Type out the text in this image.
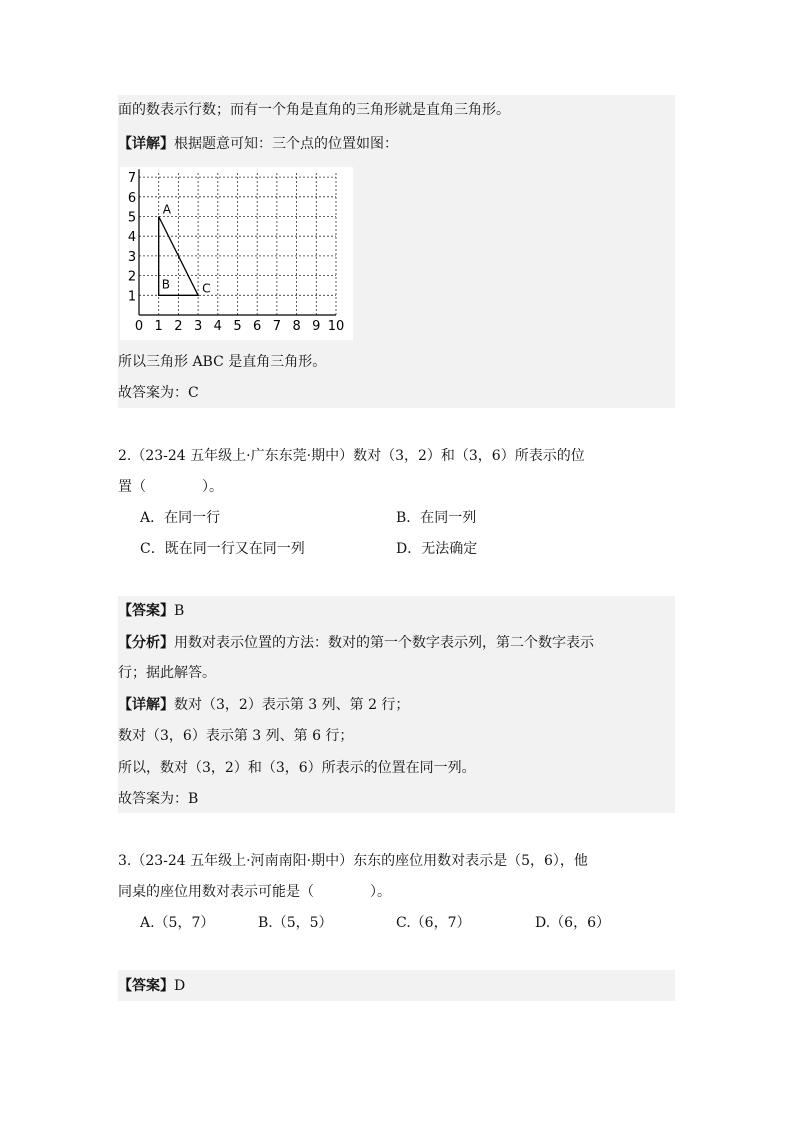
面的数表示行数；而有一个角是直角的三角形就是直角三角形。
【详解】根据题意可知：三个点的位置如图：
0 1 2 3 4 5 6 7 8 9 10
1
2
3
4
5
6
7
A
B	C
所以三角形 ABC 是直角三角形。
故答案为：C
2.（23-24 五年级上·广东东莞·期中）数对（3，2）和（3，6）所表示的位
置（　　　　）。
A．在同一行	B．在同一列
C．既在同一行又在同一列	D．无法确定
【答案】B
【分析】用数对表示位置的方法：数对的第一个数字表示列，第二个数字表示
行；据此解答。
【详解】数对（3，2）表示第 3 列、第 2 行；
数对（3，6）表示第 3 列、第 6 行；
所以，数对（3，2）和（3，6）所表示的位置在同一列。
故答案为：B
3.（23-24 五年级上·河南南阳·期中）东东的座位用数对表示是（5，6），他
同桌的座位用数对表示可能是（　　　　）。
A.（5，7）	B.（5，5）	C.（6，7）	D.（6，6）
【答案】D
